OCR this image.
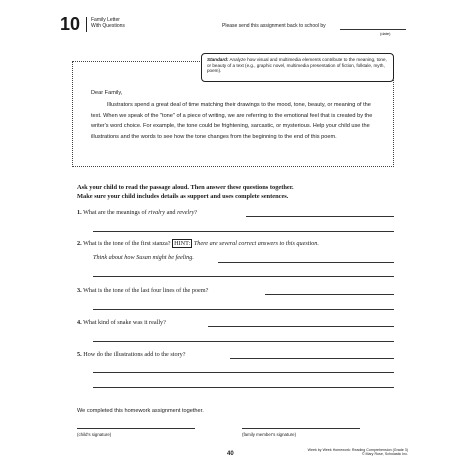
10 Family Letter
With Questions	Please send this assignment back to school by
(date)
Standard: Analyze how visual and multimedia elements contribute to the meaning, tone, or beauty of a text (e.g., graphic novel, multimedia presentation of fiction, folktale, myth, poem).
Dear Family,
Illustrators spend a great deal of time matching their drawings to the mood, tone, beauty, or meaning of the text. When we speak of the "tone" of a piece of writing, we are referring to the emotional feel that is created by the writer's word choice. For example, the tone could be frightening, sarcastic, or mysterious. Help your child use the illustrations and the words to see how the tone changes from the beginning to the end of this poem.
Ask your child to read the passage aloud. Then answer these questions together.
Make sure your child includes details as support and uses complete sentences.
1. What are the meanings of rivalry and revelry?
2. What is the tone of the first stanza? HINT: There are several correct answers to this question.
Think about how Susan might be feeling.
3. What is the tone of the last four lines of the poem?
4. What kind of snake was it really?
5. How do the illustrations add to the story?
We completed this homework assignment together.
(child's signature)	(family member's signature)
40
Week by Week Homework: Reading Comprehension (Grade 3)
© Mary Rose, Scholastic Inc.
